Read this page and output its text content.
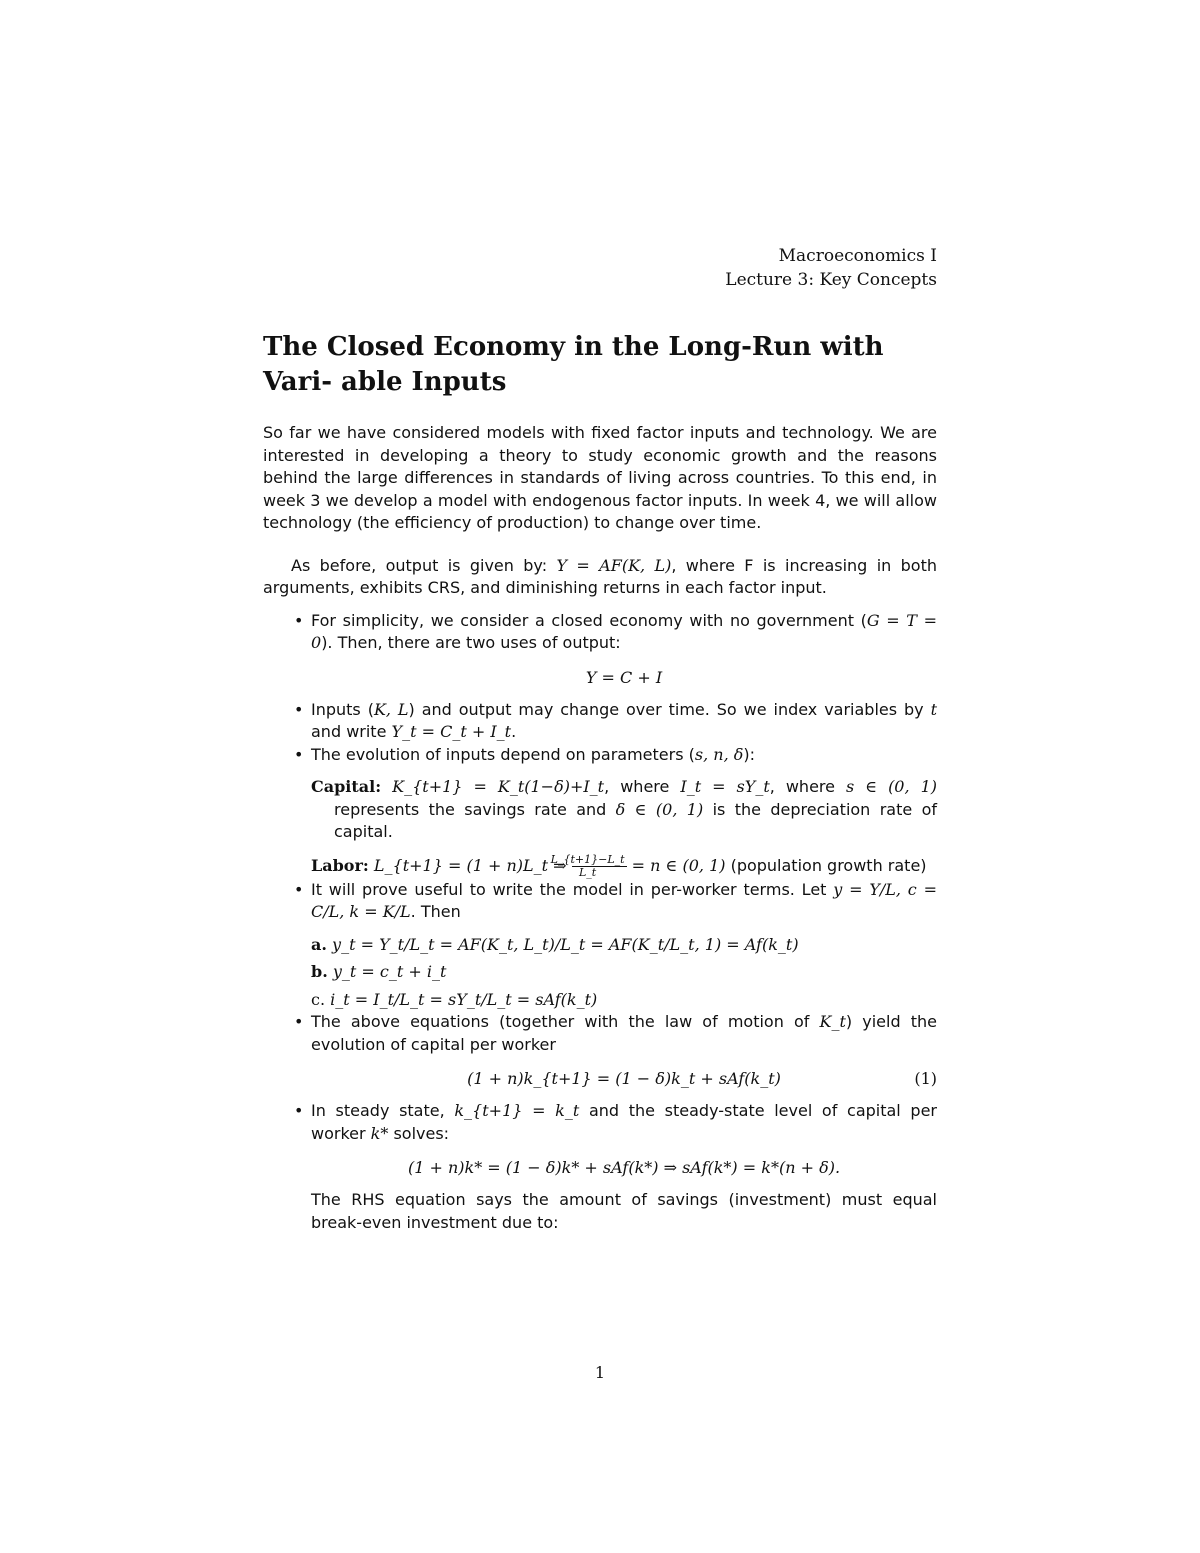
Macroeconomics I
Lecture 3: Key Concepts
The Closed Economy in the Long-Run with Vari- able Inputs

So far we have considered models with fixed factor inputs and technology. We are interested in developing a theory to study economic growth and the reasons behind the large differences in standards of living across countries. To this end, in week 3 we develop a model with endogenous factor inputs. In week 4, we will allow technology (the efficiency of production) to change over time.

As before, output is given by: Y = AF(K, L), where F is increasing in both arguments, exhibits CRS, and diminishing returns in each factor input.

• For simplicity, we consider a closed economy with no government (G = T = 0). Then, there are two uses of output:
Y = C + I
• Inputs (K, L) and output may change over time. So we index variables by t and write Y_t = C_t + I_t.
• The evolution of inputs depend on parameters (s, n, δ):
Capital: K_{t+1} = K_t(1−δ)+I_t, where I_t = sY_t, where s ∈ (0, 1) represents the savings rate and δ ∈ (0, 1) is the depreciation rate of capital.
Labor: L_{t+1} = (1 + n)L_t ⇒ $\frac{L\_\{t+1\}-L\_t}{L\_t} = n$ ∈ (0, 1) (population growth rate)
• It will prove useful to write the model in per-worker terms. Let y = Y/L, c = C/L, k = K/L. Then
a. y_t = Y_t/L_t = AF(K_t, L_t)/L_t = AF(K_t/L_t, 1) = Af(k_t)
b. y_t = c_t + i_t
c. i_t = I_t/L_t = sY_t/L_t = sAf(k_t)
• The above equations (together with the law of motion of K_t) yield the evolution of capital per worker
(1 + n)k_{t+1} = (1 − δ)k_t + sAf(k_t)	(1)
• In steady state, k_{t+1} = k_t and the steady-state level of capital per worker k* solves:
(1 + n)k* = (1 − δ)k* + sAf(k*) ⇒ sAf(k*) = k*(n + δ).
The RHS equation says the amount of savings (investment) must equal break-even investment due to:
1
